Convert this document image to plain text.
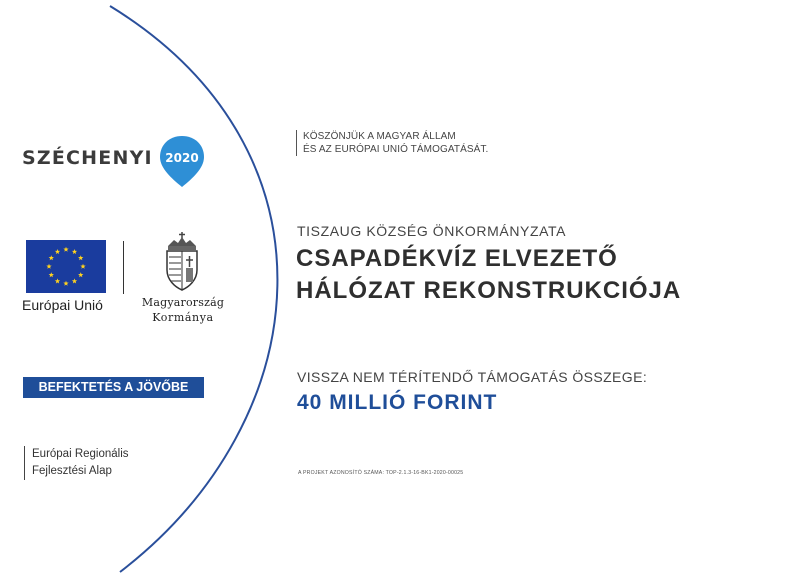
SZÉCHENYI 2020
Európai Unió	Magyarország
Kormánya
BEFEKTETÉS A JÖVŐBE
Európai Regionális
Fejlesztési Alap
KÖSZÖNJÜK A MAGYAR ÁLLAM
ÉS AZ EURÓPAI UNIÓ TÁMOGATÁSÁT.
TISZAUG KÖZSÉG ÖNKORMÁNYZATA
CSAPADÉKVÍZ ELVEZETŐ
HÁLÓZAT REKONSTRUKCIÓJA
VISSZA NEM TÉRÍTENDŐ TÁMOGATÁS ÖSSZEGE:
40 MILLIÓ FORINT
A PROJEKT AZONOSÍTÓ SZÁMA: TOP-2.1.3-16-BK1-2020-00025
